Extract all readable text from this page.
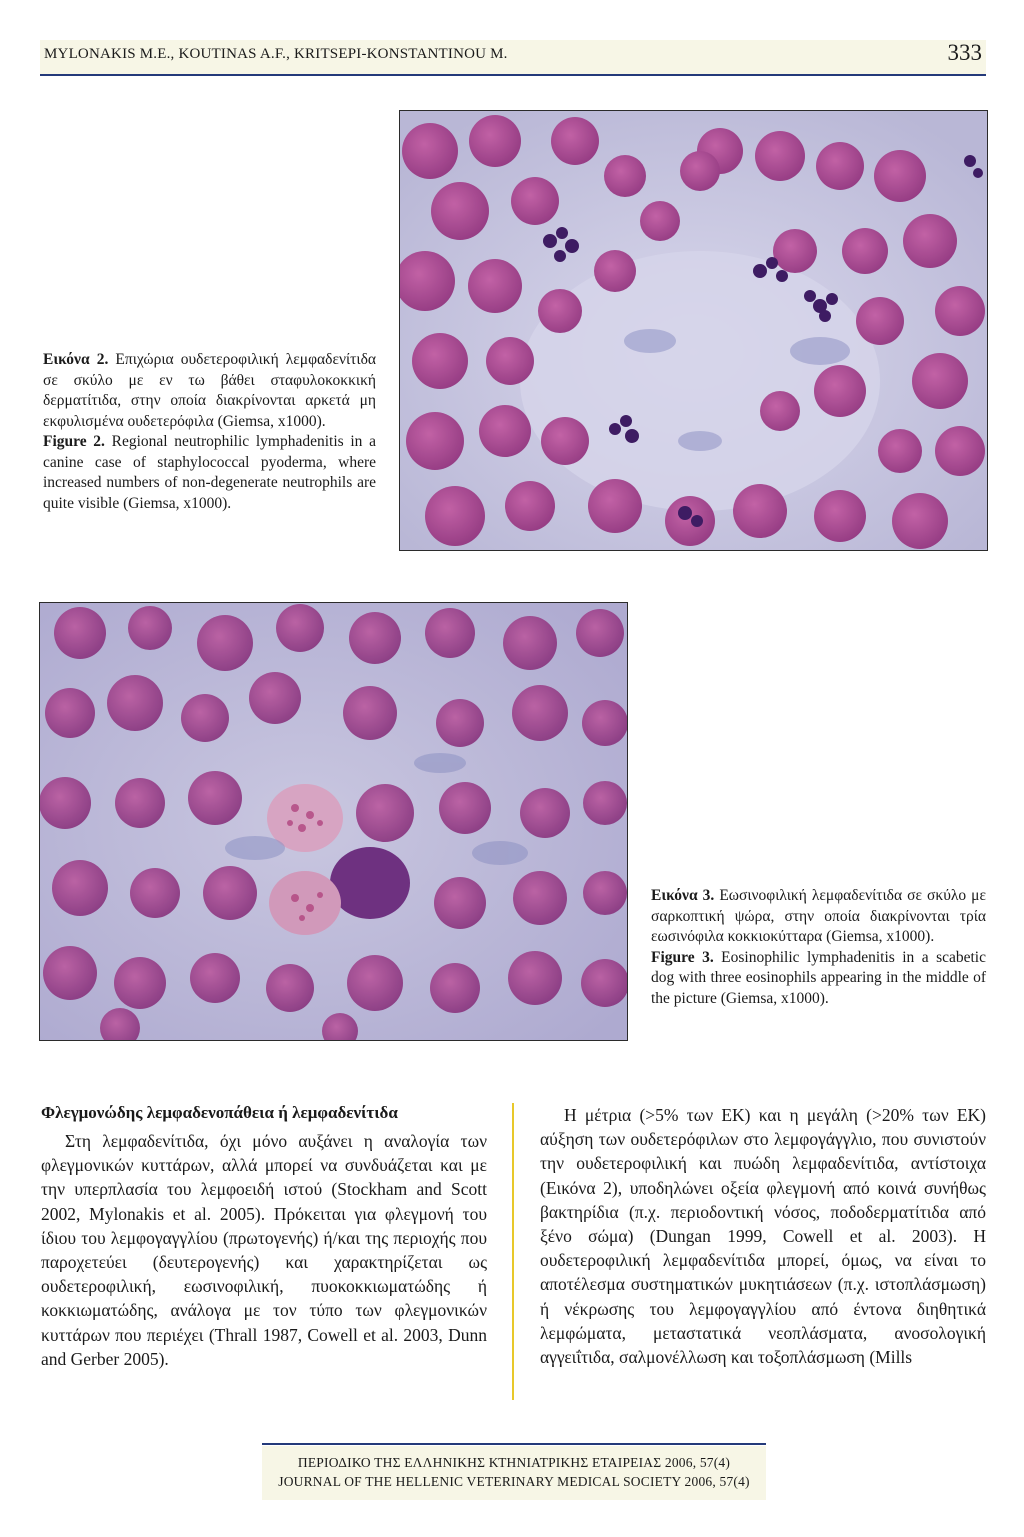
MYLONAKIS M.E., KOUTINAS A.F., KRITSEPI-KONSTANTINOU M.	333

Εικόνα 2. Επιχώρια ουδετεροφιλική λεμφαδενίτιδα σε σκύλο με εν τω βάθει σταφυλοκοκκική δερματίτιδα, στην οποία διακρίνονται αρκετά μη εκφυλισμένα ουδετερόφιλα (Giemsa, x1000).

Figure 2. Regional neutrophilic lymphadenitis in a canine case of staphylococcal pyoderma, where increased numbers of non-degenerate neutrophils are quite visible (Giemsa, x1000).

Εικόνα 3. Εωσινοφιλική λεμφαδενίτιδα σε σκύλο με σαρκοπτική ψώρα, στην οποία διακρίνονται τρία εωσινόφιλα κοκκιοκύτταρα (Giemsa, x1000).

Figure 3. Eosinophilic lymphadenitis in a scabetic dog with three eosinophils appearing in the middle of the picture (Giemsa, x1000).

Φλεγμονώδης λεμφαδενοπάθεια ή λεμφαδενίτιδα

Στη λεμφαδενίτιδα, όχι μόνο αυξάνει η αναλογία των φλεγμονικών κυττάρων, αλλά μπορεί να συνδυάζεται και με την υπερπλασία του λεμφοειδή ιστού (Stockham and Scott 2002, Mylonakis et al. 2005). Πρόκειται για φλεγμονή του ίδιου του λεμφογαγγλίου (πρωτογενής) ή/και της περιοχής που παροχετεύει (δευτερογενής) και χαρακτηρίζεται ως ουδετεροφιλική, εωσινοφιλική, πυοκοκκιωματώδης ή κοκκιωματώδης, ανάλογα με τον τύπο των φλεγμονικών κυττάρων που περιέχει (Thrall 1987, Cowell et al. 2003, Dunn and Gerber 2005).

Η μέτρια (>5% των ΕΚ) και η μεγάλη (>20% των ΕΚ) αύξηση των ουδετερόφιλων στο λεμφογάγγλιο, που συνιστούν την ουδετεροφιλική και πυώδη λεμφαδενίτιδα, αντίστοιχα (Εικόνα 2), υποδηλώνει οξεία φλεγμονή από κοινά συνήθως βακτηρίδια (π.χ. περιοδοντική νόσος, ποδοδερματίτιδα από ξένο σώμα) (Dungan 1999, Cowell et al. 2003). Η ουδετεροφιλική λεμφαδενίτιδα μπορεί, όμως, να είναι το αποτέλεσμα συστηματικών μυκητιάσεων (π.χ. ιστοπλάσμωση) ή νέκρωσης του λεμφογαγγλίου από έντονα διηθητικά λεμφώματα, μεταστατικά νεοπλάσματα, ανοσολογική αγγειΐτιδα, σαλμονέλλωση και τοξοπλάσμωση (Mills

ΠΕΡΙΟΔΙΚΟ ΤΗΣ ΕΛΛΗΝΙΚΗΣ ΚΤΗΝΙΑΤΡΙΚΗΣ ΕΤΑΙΡΕΙΑΣ 2006, 57(4)
JOURNAL OF THE HELLENIC VETERINARY MEDICAL SOCIETY 2006, 57(4)
